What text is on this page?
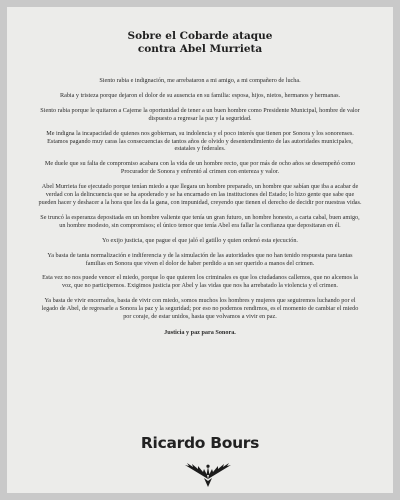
Sobre el Cobarde ataque
contra Abel Murrieta

Siento rabia e indignación, me arrebataron a mi amigo, a mi compañero de lucha.

Rabia y tristeza porque dejaron el dolor de su ausencia en su familia: esposa, hijos, nietos, hermanos y hermanas.

Siento rabia porque le quitaron a Cajeme la oportunidad de tener a un buen hombre como Presidente Municipal, hombre de valor dispuesto a regresar la paz y la seguridad.

Me indigna la incapacidad de quienes nos gobiernan, su indolencia y el poco interés que tienen por Sonora y los sonorenses. Estamos pagando muy caras las consecuencias de tantos años de olvido y desentendimiento de las autoridades municipales, estatales y federales.

Me duele que su falta de compromiso acabara con la vida de un hombre recto, que por más de ocho años se desempeñó como Procurador de Sonora y enfrentó al crimen con entereza y valor.

Abel Murrieta fue ejecutado porque tenían miedo a que llegara un hombre preparado, un hombre que sabían que iba a acabar de verdad con la delincuencia que se ha apoderado y se ha encarnado en las instituciones del Estado; lo hizo gente que sabe que pueden hacer y deshacer a la hora que les da la gana, con impunidad, creyendo que tienen el derecho de decidir por nuestras vidas.

Se truncó la esperanza depositada en un hombre valiente que tenía un gran futuro, un hombre honesto, a carta cabal, buen amigo, un hombre modesto, sin compromisos; el único temor que tenía Abel era fallar la confianza que depositaran en él.

Yo exijo justicia, que pague el que jaló el gatillo y quien ordenó esta ejecución.

Ya basta de tanta normalización e indiferencia y de la simulación de las autoridades que no han tenido respuesta para tantas familias en Sonora que viven el dolor de haber perdido a un ser querido a manos del crimen.

Esta vez no nos puede vencer el miedo, porque lo que quieren los criminales es que los ciudadanos callemos, que no alcemos la voz, que no participemos. Exigimos justicia por Abel y las vidas que nos ha arrebatado la violencia y el crimen.

Ya basta de vivir encerrados, basta de vivir con miedo, somos muchos los hombres y mujeres que seguiremos luchando por el legado de Abel, de regresarle a Sonora la paz y la seguridad; por eso no podemos rendirnos, es el momento de cambiar el miedo por coraje, de estar unidos, hasta que volvamos a vivir en paz.

Justicia y paz para Sonora.

Ricardo Bours
